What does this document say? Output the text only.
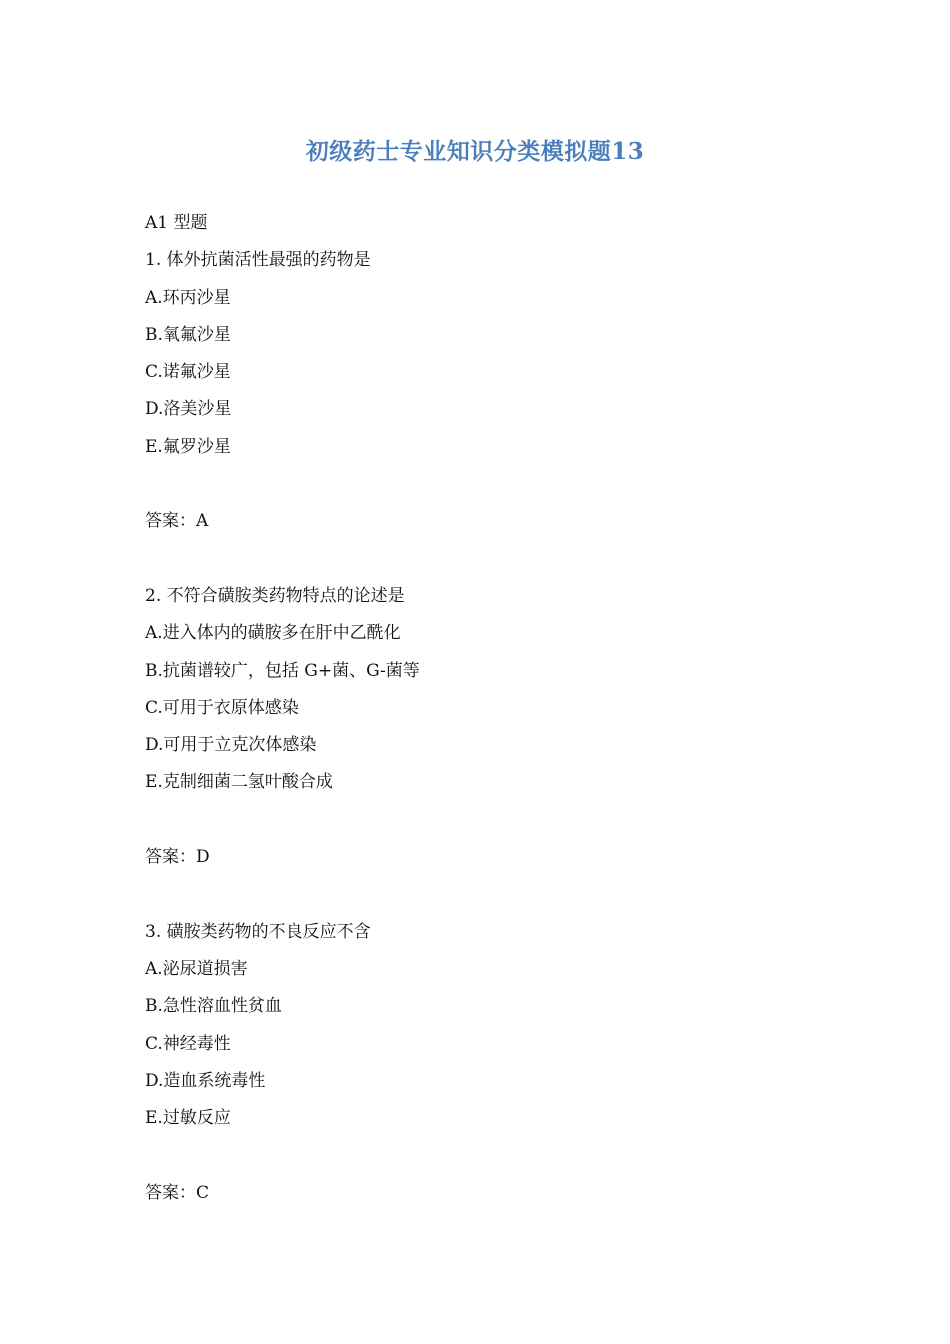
初级药士专业知识分类模拟题13
A1 型题
1. 体外抗菌活性最强的药物是
A.环丙沙星
B.氧氟沙星
C.诺氟沙星
D.洛美沙星
E.氟罗沙星
答案：A
2. 不符合磺胺类药物特点的论述是
A.进入体内的磺胺多在肝中乙酰化
B.抗菌谱较广，包括 G+菌、G-菌等
C.可用于衣原体感染
D.可用于立克次体感染
E.克制细菌二氢叶酸合成
答案：D
3. 磺胺类药物的不良反应不含
A.泌尿道损害
B.急性溶血性贫血
C.神经毒性
D.造血系统毒性
E.过敏反应
答案：C
